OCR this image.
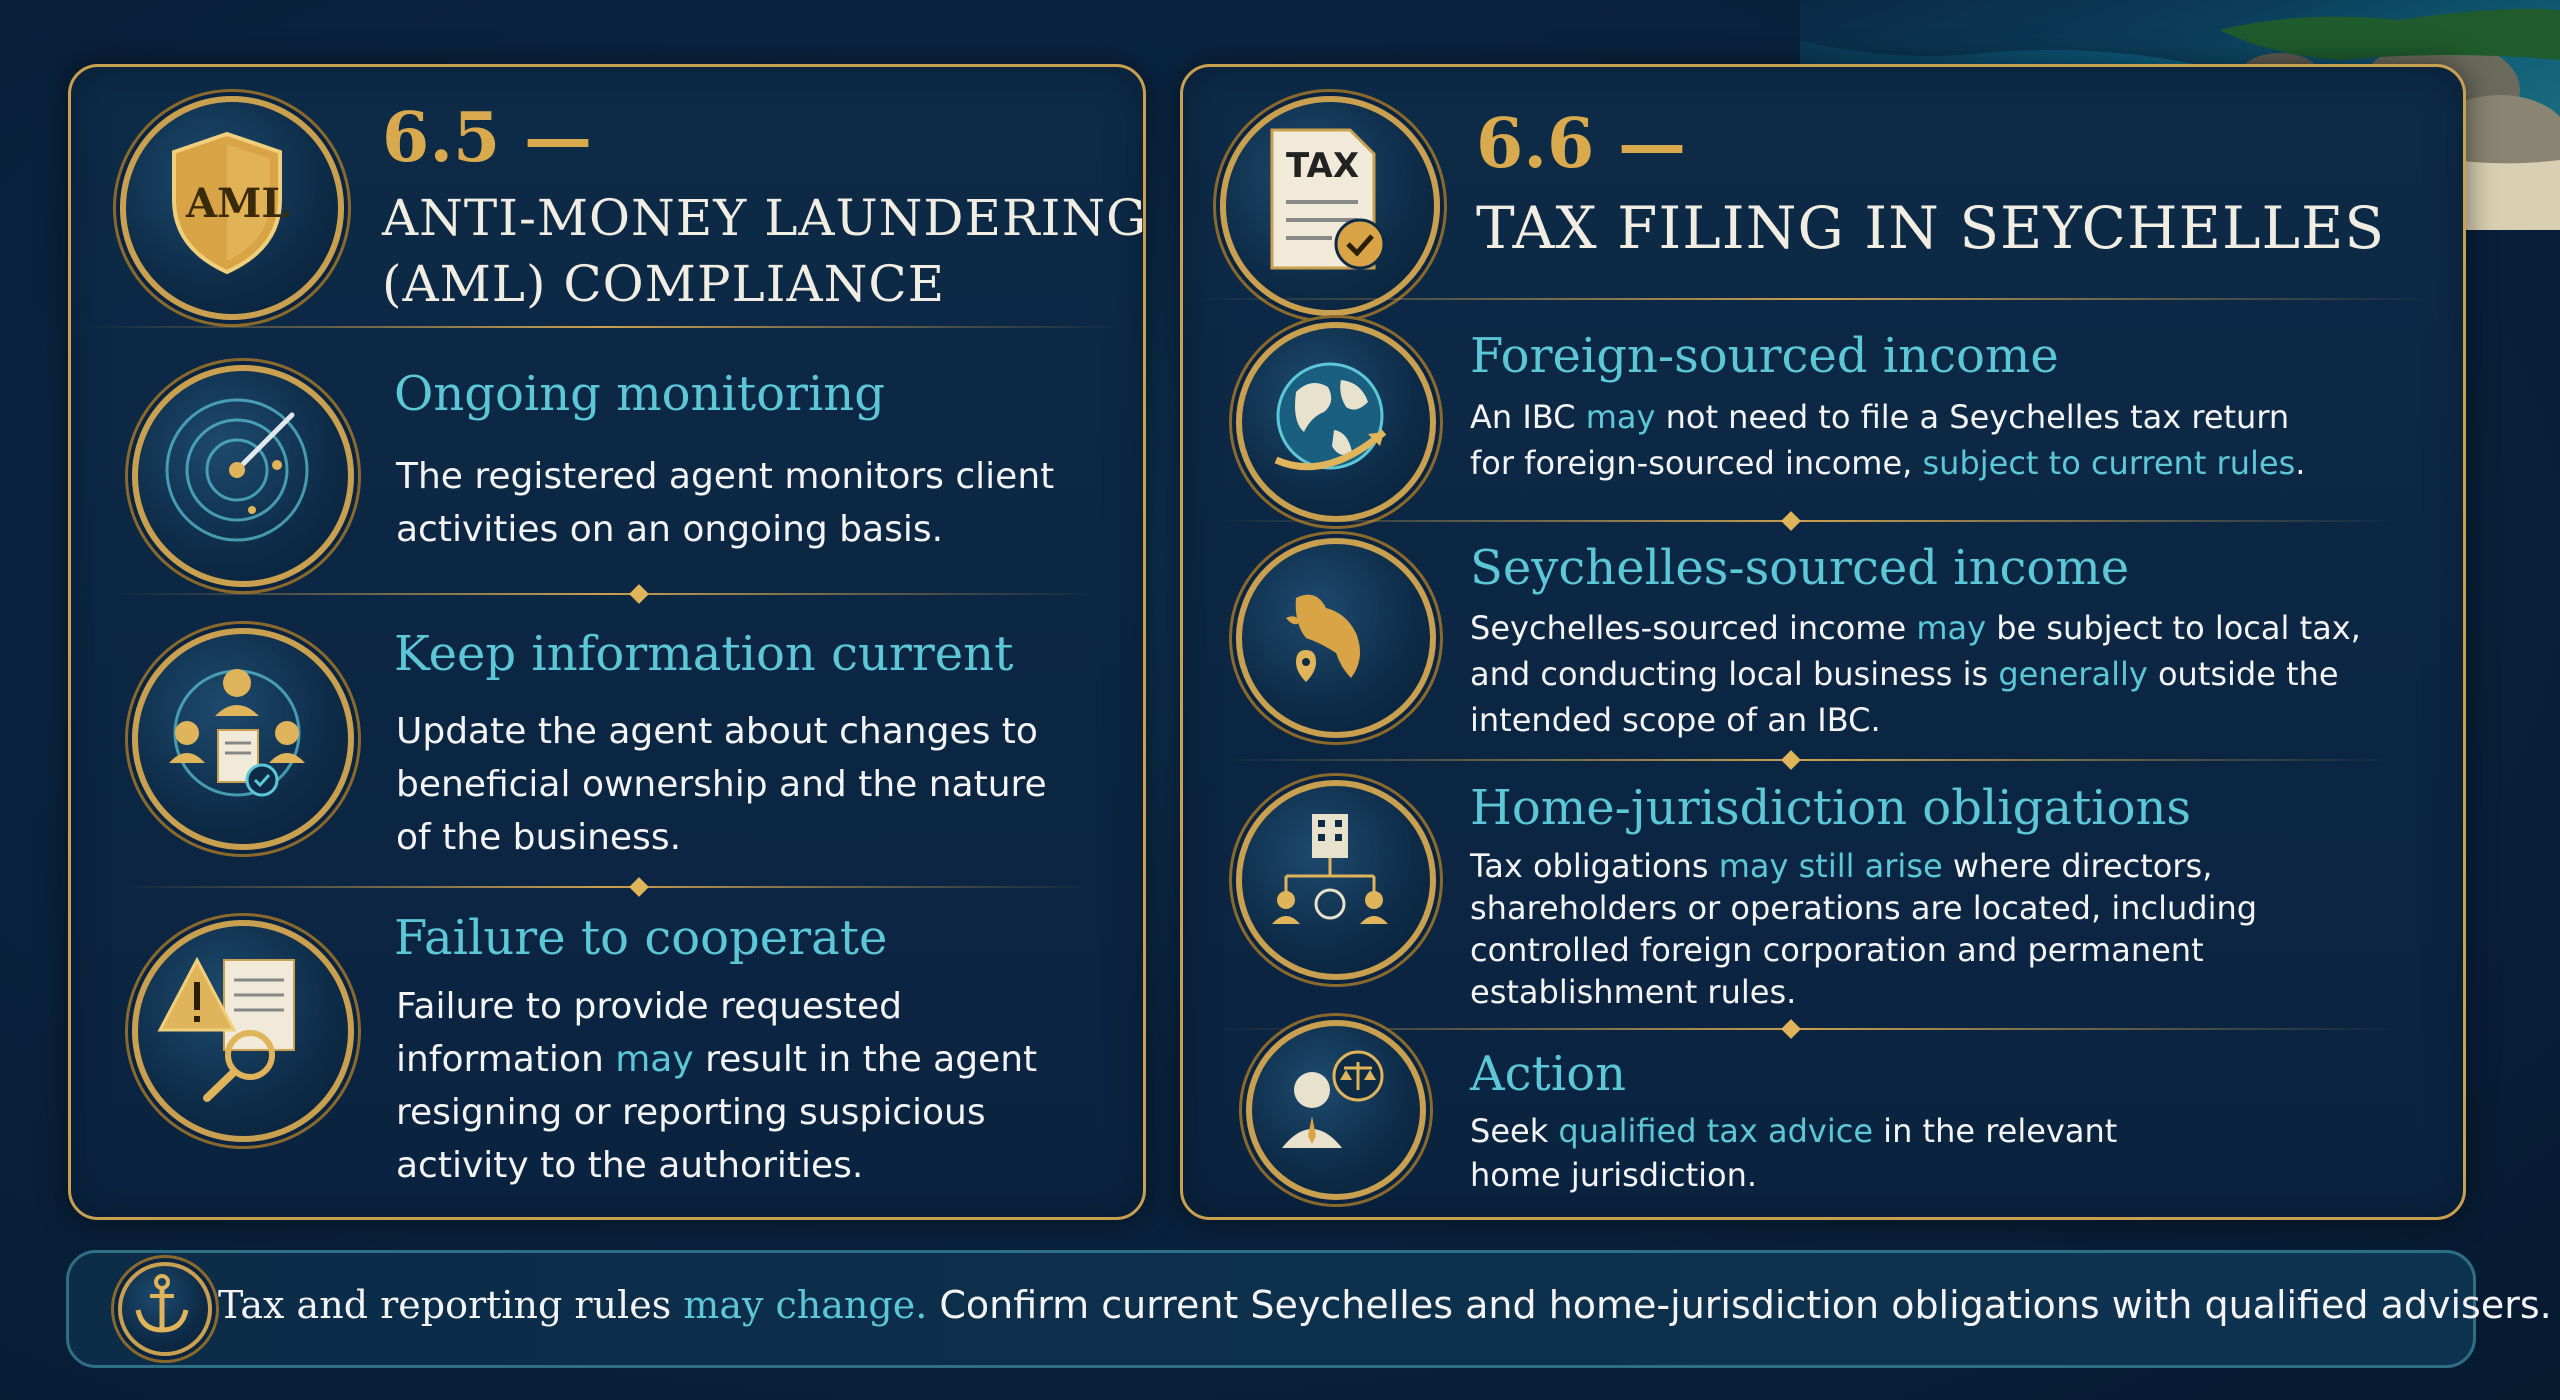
AML
6.5 —
ANTI-MONEY LAUNDERING
(AML) COMPLIANCE
Ongoing monitoring
The registered agent monitors client
activities on an ongoing basis.
Keep information current
Update the agent about changes to
beneficial ownership and the nature
of the business.
Failure to cooperate
Failure to provide requested
information may result in the agent
resigning or reporting suspicious
activity to the authorities.
TAX 6.6 —
TAX FILING IN SEYCHELLES
Foreign-sourced income
An IBC may not need to file a Seychelles tax return
for foreign-sourced income, subject to current rules.
Seychelles-sourced income
Seychelles-sourced income may be subject to local tax,
and conducting local business is generally outside the
intended scope of an IBC.
Home-jurisdiction obligations
Tax obligations may still arise where directors,
shareholders or operations are located, including
controlled foreign corporation and permanent
establishment rules.
Action
Seek qualified tax advice in the relevant
home jurisdiction.
Tax and reporting rules may change. Confirm current Seychelles and home-jurisdiction obligations with qualified advisers.
